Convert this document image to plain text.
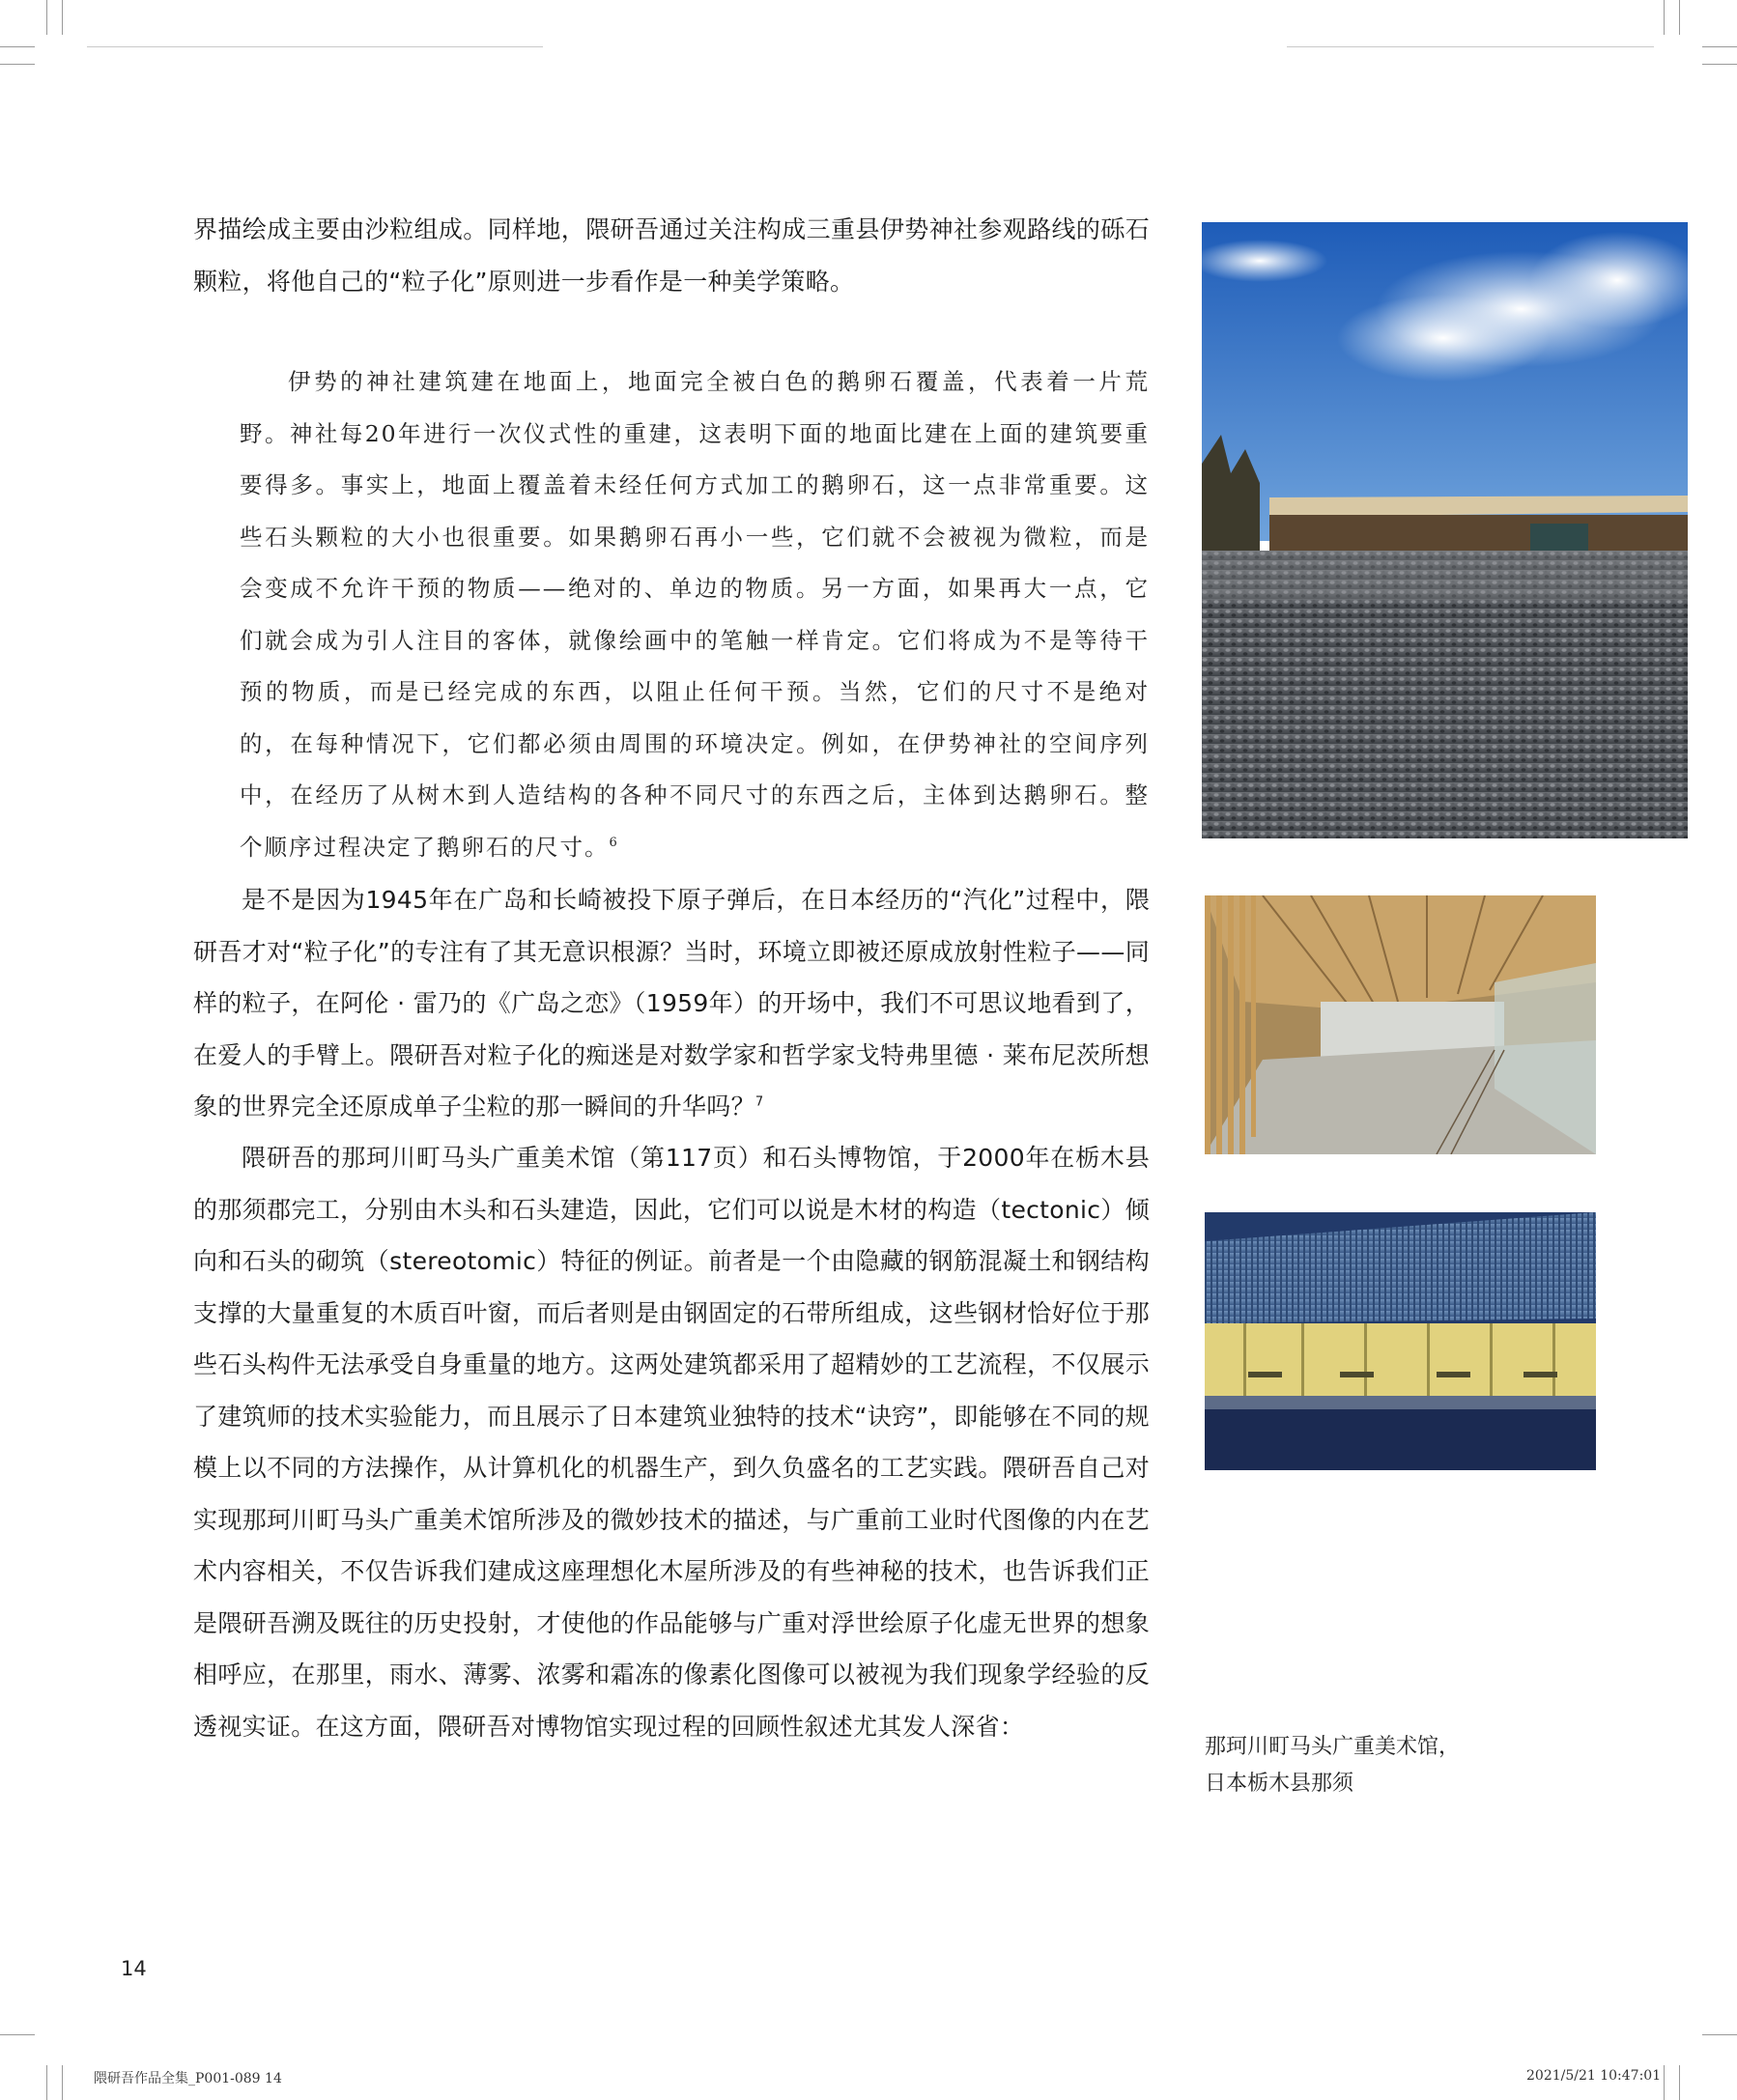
界描绘成主要由沙粒组成。同样地，隈研吾通过关注构成三重县伊势神社参观路线的砾石颗粒，将他自己的“粒子化”原则进一步看作是一种美学策略。

伊势的神社建筑建在地面上，地面完全被白色的鹅卵石覆盖，代表着一片荒野。神社每20年进行一次仪式性的重建，这表明下面的地面比建在上面的建筑要重要得多。事实上，地面上覆盖着未经任何方式加工的鹅卵石，这一点非常重要。这些石头颗粒的大小也很重要。如果鹅卵石再小一些，它们就不会被视为微粒，而是会变成不允许干预的物质——绝对的、单边的物质。另一方面，如果再大一点，它们就会成为引人注目的客体，就像绘画中的笔触一样肯定。它们将成为不是等待干预的物质，而是已经完成的东西，以阻止任何干预。当然，它们的尺寸不是绝对的，在每种情况下，它们都必须由周围的环境决定。例如，在伊势神社的空间序列中，在经历了从树木到人造结构的各种不同尺寸的东西之后，主体到达鹅卵石。整个顺序过程决定了鹅卵石的尺寸。$^6$

是不是因为1945年在广岛和长崎被投下原子弹后，在日本经历的“汽化”过程中，隈研吾才对“粒子化”的专注有了其无意识根源？当时，环境立即被还原成放射性粒子——同样的粒子，在阿伦 · 雷乃的《广岛之恋》（1959年）的开场中，我们不可思议地看到了，在爱人的手臂上。隈研吾对粒子化的痴迷是对数学家和哲学家戈特弗里德 · 莱布尼茨所想象的世界完全还原成单子尘粒的那一瞬间的升华吗？$^7$

隈研吾的那珂川町马头广重美术馆（第117页）和石头博物馆，于2000年在栃木县的那须郡完工，分别由木头和石头建造，因此，它们可以说是木材的构造（tectonic）倾向和石头的砌筑（stereotomic）特征的例证。前者是一个由隐藏的钢筋混凝土和钢结构支撑的大量重复的木质百叶窗，而后者则是由钢固定的石带所组成，这些钢材恰好位于那些石头构件无法承受自身重量的地方。这两处建筑都采用了超精妙的工艺流程，不仅展示了建筑师的技术实验能力，而且展示了日本建筑业独特的技术“诀窍”，即能够在不同的规模上以不同的方法操作，从计算机化的机器生产，到久负盛名的工艺实践。隈研吾自己对实现那珂川町马头广重美术馆所涉及的微妙技术的描述，与广重前工业时代图像的内在艺术内容相关，不仅告诉我们建成这座理想化木屋所涉及的有些神秘的技术，也告诉我们正是隈研吾溯及既往的历史投射，才使他的作品能够与广重对浮世绘原子化虚无世界的想象相呼应，在那里，雨水、薄雾、浓雾和霜冻的像素化图像可以被视为我们现象学经验的反透视实证。在这方面，隈研吾对博物馆实现过程的回顾性叙述尤其发人深省：

那珂川町马头广重美术馆，
日本栃木县那须

14
隈研吾作品全集_P001-089 14	2021/5/21 10:47:01
